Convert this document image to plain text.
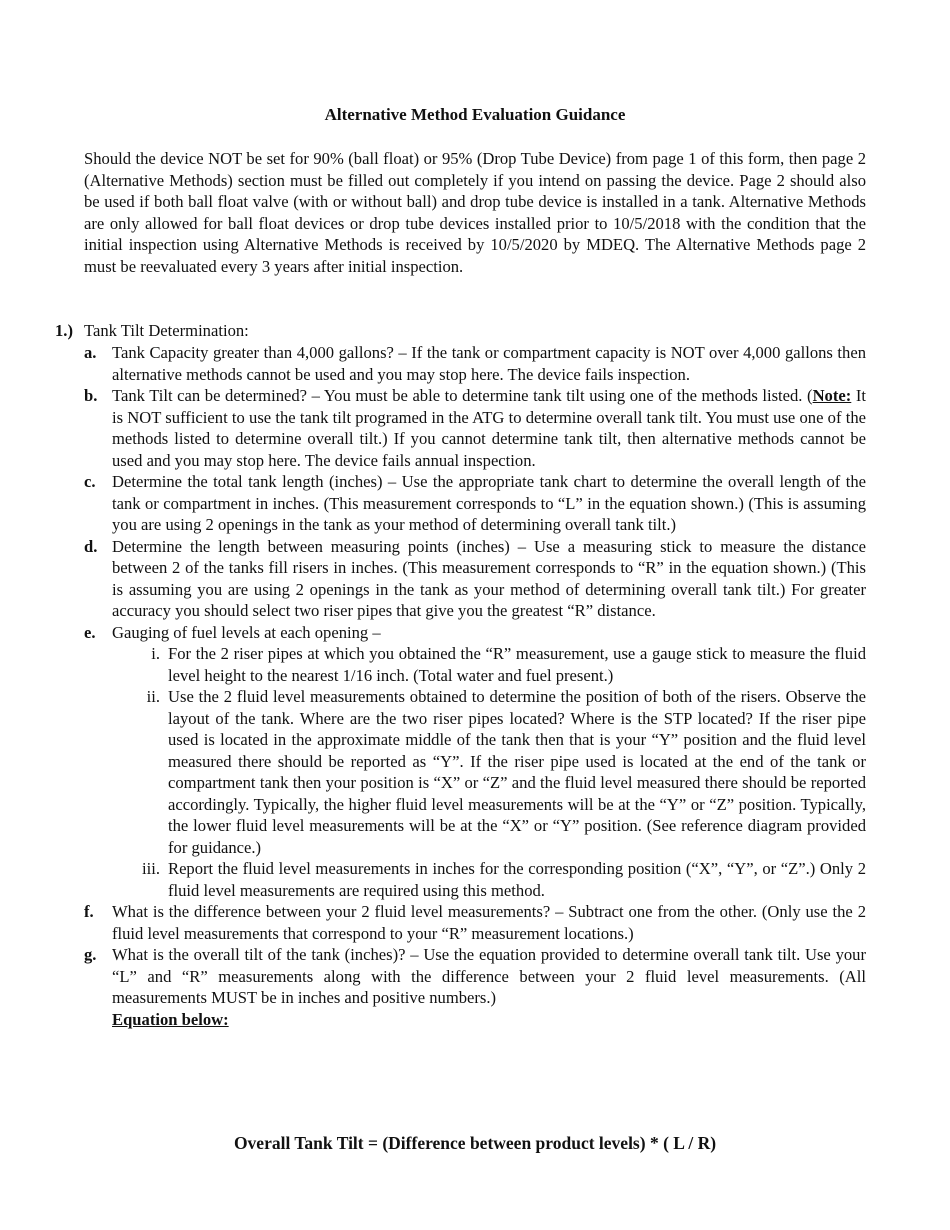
Alternative Method Evaluation Guidance

Should the device NOT be set for 90% (ball float) or 95% (Drop Tube Device) from page 1 of this form, then page 2 (Alternative Methods) section must be filled out completely if you intend on passing the device. Page 2 should also be used if both ball float valve (with or without ball) and drop tube device is installed in a tank. Alternative Methods are only allowed for ball float devices or drop tube devices installed prior to 10/5/2018 with the condition that the initial inspection using Alternative Methods is received by 10/5/2020 by MDEQ. The Alternative Methods page 2 must be reevaluated every 3 years after initial inspection.

1.) Tank Tilt Determination:
a. Tank Capacity greater than 4,000 gallons? – If the tank or compartment capacity is NOT over 4,000 gallons then alternative methods cannot be used and you may stop here. The device fails inspection.
b. Tank Tilt can be determined? – You must be able to determine tank tilt using one of the methods listed. (Note: It is NOT sufficient to use the tank tilt programed in the ATG to determine overall tank tilt. You must use one of the methods listed to determine overall tilt.) If you cannot determine tank tilt, then alternative methods cannot be used and you may stop here. The device fails annual inspection.
c. Determine the total tank length (inches) – Use the appropriate tank chart to determine the overall length of the tank or compartment in inches. (This measurement corresponds to “L” in the equation shown.) (This is assuming you are using 2 openings in the tank as your method of determining overall tank tilt.)
d. Determine the length between measuring points (inches) – Use a measuring stick to measure the distance between 2 of the tanks fill risers in inches. (This measurement corresponds to “R” in the equation shown.) (This is assuming you are using 2 openings in the tank as your method of determining overall tank tilt.) For greater accuracy you should select two riser pipes that give you the greatest “R” distance.
e. Gauging of fuel levels at each opening –
i. For the 2 riser pipes at which you obtained the “R” measurement, use a gauge stick to measure the fluid level height to the nearest 1/16 inch. (Total water and fuel present.)
ii. Use the 2 fluid level measurements obtained to determine the position of both of the risers. Observe the layout of the tank. Where are the two riser pipes located? Where is the STP located? If the riser pipe used is located in the approximate middle of the tank then that is your “Y” position and the fluid level measured there should be reported as “Y”. If the riser pipe used is located at the end of the tank or compartment tank then your position is “X” or “Z” and the fluid level measured there should be reported accordingly. Typically, the higher fluid level measurements will be at the “Y” or “Z” position. Typically, the lower fluid level measurements will be at the “X” or “Y” position. (See reference diagram provided for guidance.)
iii. Report the fluid level measurements in inches for the corresponding position (“X”, “Y”, or “Z”.) Only 2 fluid level measurements are required using this method.
f. What is the difference between your 2 fluid level measurements? – Subtract one from the other. (Only use the 2 fluid level measurements that correspond to your “R” measurement locations.)
g. What is the overall tilt of the tank (inches)? – Use the equation provided to determine overall tank tilt. Use your “L” and “R” measurements along with the difference between your 2 fluid level measurements. (All measurements MUST be in inches and positive numbers.)
Equation below:
Overall Tank Tilt = (Difference between product levels) * ( L / R)
